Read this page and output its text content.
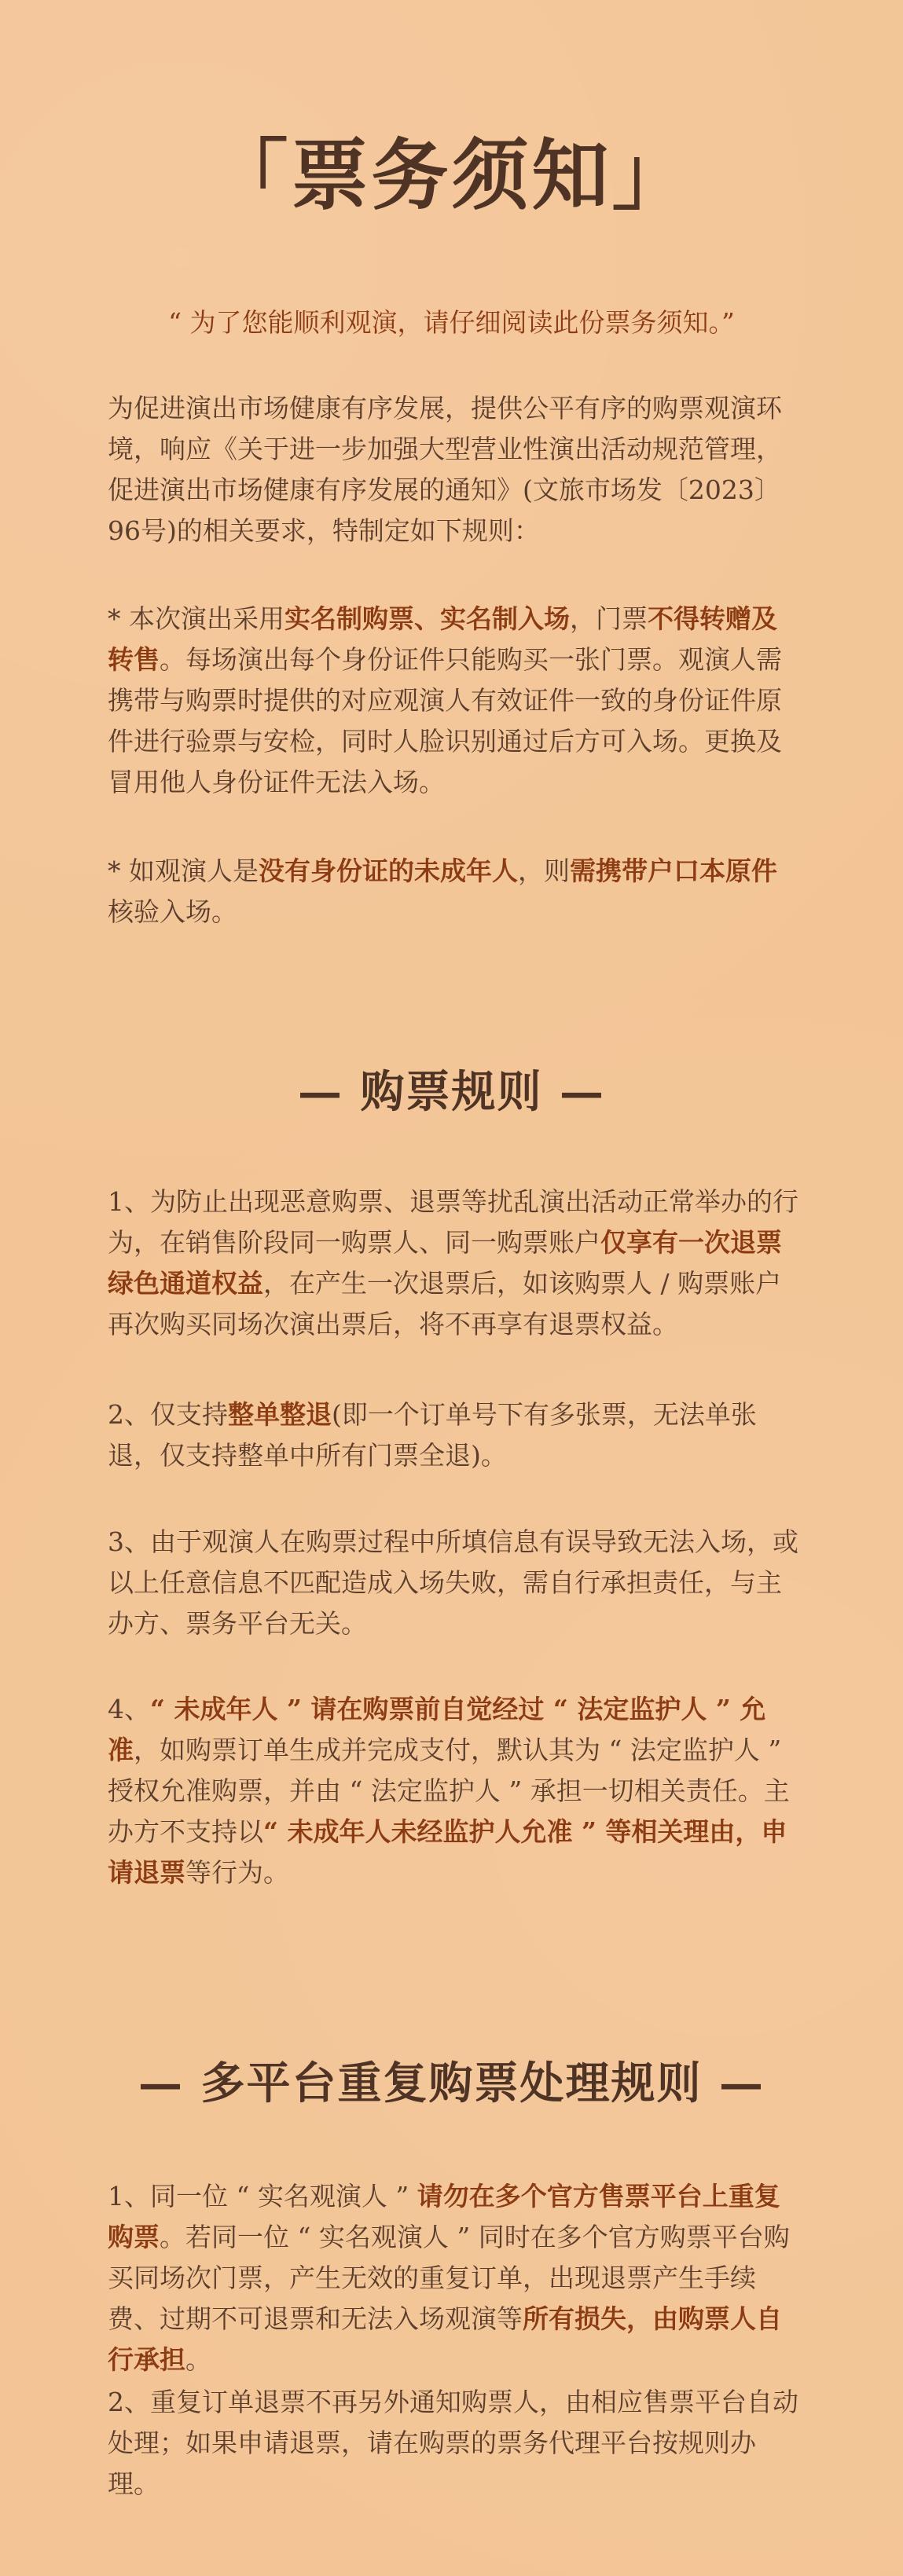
「票务须知」
“ 为了您能顺利观演，请仔细阅读此份票务须知。”
为促进演出市场健康有序发展，提供公平有序的购票观演环境，响应《关于进一步加强大型营业性演出活动规范管理，促进演出市场健康有序发展的通知》(文旅市场发〔2023〕96号)的相关要求，特制定如下规则：
* 本次演出采用实名制购票、实名制入场，门票不得转赠及转售。每场演出每个身份证件只能购买一张门票。观演人需携带与购票时提供的对应观演人有效证件一致的身份证件原件进行验票与安检，同时人脸识别通过后方可入场。更换及冒用他人身份证件无法入场。
* 如观演人是没有身份证的未成年人，则需携带户口本原件核验入场。
— 购票规则 —
1、为防止出现恶意购票、退票等扰乱演出活动正常举办的行为，在销售阶段同一购票人、同一购票账户仅享有一次退票绿色通道权益，在产生一次退票后，如该购票人 / 购票账户再次购买同场次演出票后，将不再享有退票权益。
2、仅支持整单整退(即一个订单号下有多张票，无法单张退，仅支持整单中所有门票全退)。
3、由于观演人在购票过程中所填信息有误导致无法入场，或以上任意信息不匹配造成入场失败，需自行承担责任，与主办方、票务平台无关。
4、“ 未成年人 ” 请在购票前自觉经过 “ 法定监护人 ” 允准，如购票订单生成并完成支付，默认其为 “ 法定监护人 ” 授权允准购票，并由 “ 法定监护人 ” 承担一切相关责任。主办方不支持以“ 未成年人未经监护人允准 ” 等相关理由，申请退票等行为。
— 多平台重复购票处理规则 —
1、同一位 “ 实名观演人 ” 请勿在多个官方售票平台上重复购票。若同一位 “ 实名观演人 ” 同时在多个官方购票平台购买同场次门票，产生无效的重复订单，出现退票产生手续费、过期不可退票和无法入场观演等所有损失，由购票人自行承担。
2、重复订单退票不再另外通知购票人，由相应售票平台自动处理；如果申请退票，请在购票的票务代理平台按规则办理。
